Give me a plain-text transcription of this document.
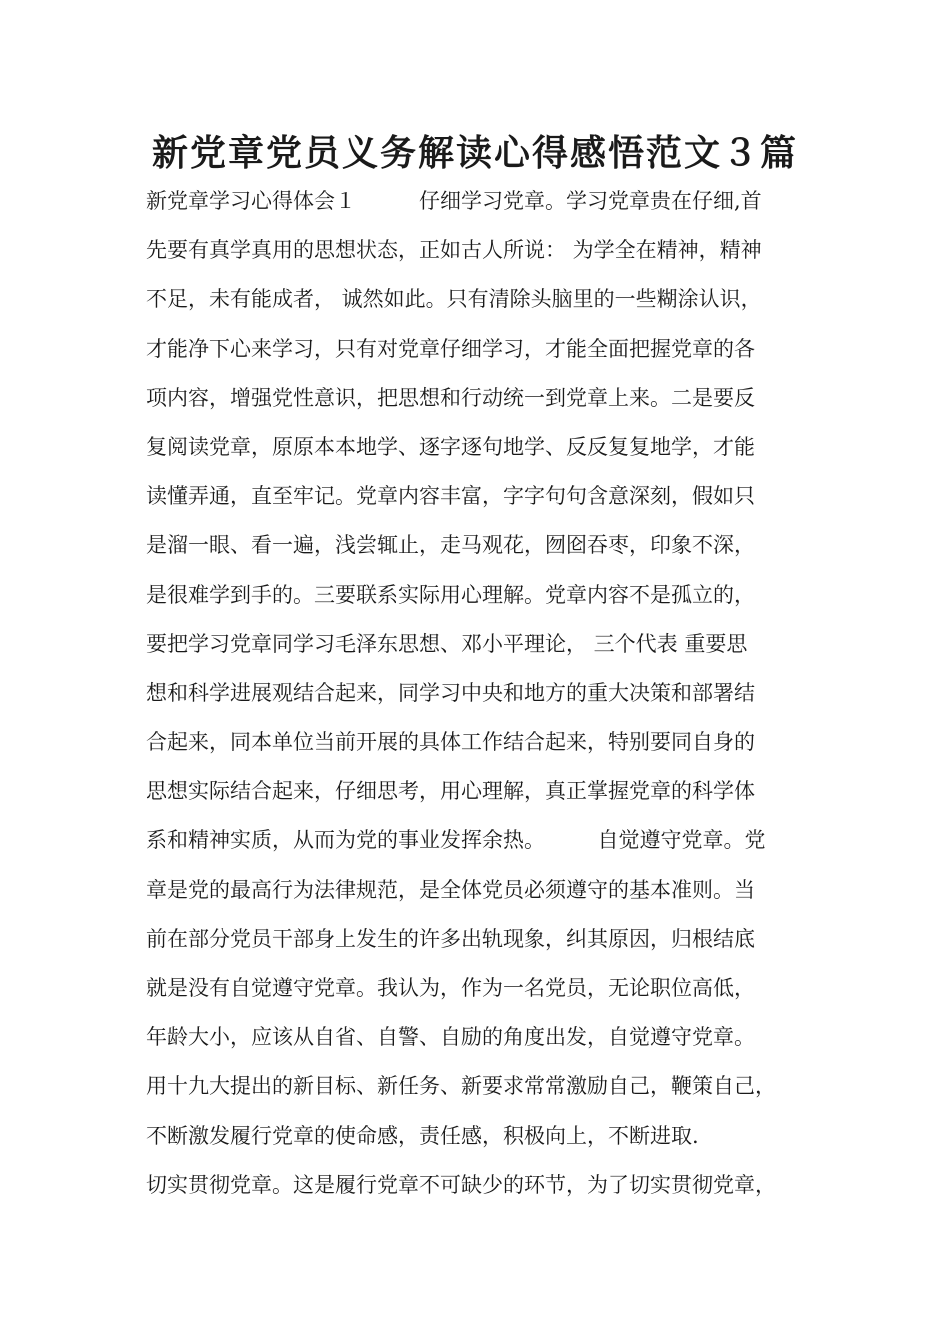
新党章党员义务解读心得感悟范文３篇
新党章学习心得体会１　　　仔细学习党章。学习党章贵在仔细,首
先要有真学真用的思想状态，正如古人所说： 为学全在精神，精神
不足，未有能成者， 诚然如此。只有清除头脑里的一些糊涂认识，
才能净下心来学习，只有对党章仔细学习，才能全面把握党章的各
项内容，增强党性意识，把思想和行动统一到党章上来。二是要反
复阅读党章，原原本本地学、逐字逐句地学、反反复复地学，才能
读懂弄通，直至牢记。党章内容丰富，字字句句含意深刻，假如只
是溜一眼、看一遍，浅尝辄止，走马观花，囫囵吞枣，印象不深，
是很难学到手的。三要联系实际用心理解。党章内容不是孤立的，
要把学习党章同学习毛泽东思想、邓小平理论， 三个代表 重要思
想和科学进展观结合起来，同学习中央和地方的重大决策和部署结
合起来，同本单位当前开展的具体工作结合起来，特别要同自身的
思想实际结合起来，仔细思考，用心理解，真正掌握党章的科学体
系和精神实质，从而为党的事业发挥余热。　　　自觉遵守党章。党
章是党的最高行为法律规范，是全体党员必须遵守的基本准则。当
前在部分党员干部身上发生的许多出轨现象，纠其原因，归根结底
就是没有自觉遵守党章。我认为，作为一名党员，无论职位高低，
年龄大小，应该从自省、自警、自励的角度出发，自觉遵守党章。
用十九大提出的新目标、新任务、新要求常常激励自己，鞭策自己，
不断激发履行党章的使命感，责任感，积极向上，不断进取.
切实贯彻党章。这是履行党章不可缺少的环节，为了切实贯彻党章，
